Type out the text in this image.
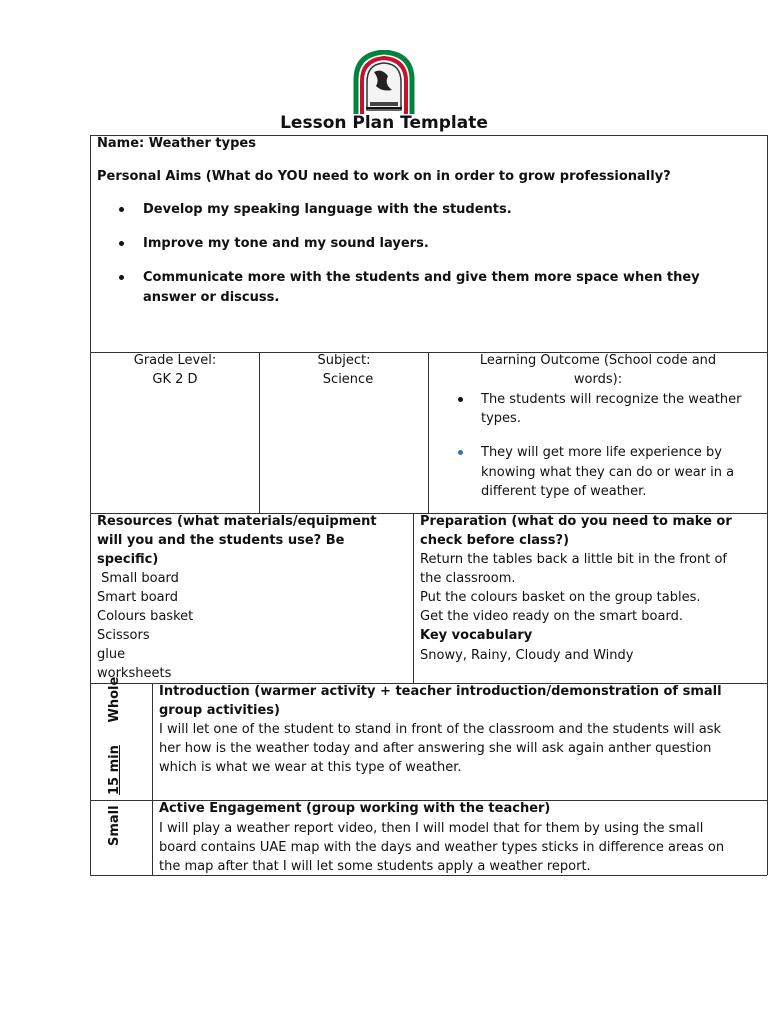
Lesson Plan Template
Name: Weather types
Personal Aims (What do YOU need to work on in order to grow professionally?
Develop my speaking language with the students.
Improve my tone and my sound layers.
Communicate more with the students and give them more space when they
answer or discuss.
Grade Level:
GK 2 D
Subject:
Science
Learning Outcome (School code and
words):
The students will recognize the weather
types.
They will get more life experience by
knowing what they can do or wear in a
different type of weather.
Resources (what materials/equipment
will you and the students use? Be
specific)
Small board
Smart board
Colours basket
Scissors
glue
worksheets
Preparation (what do you need to make or
check before class?)
Return the tables back a little bit in the front of
the classroom.
Put the colours basket on the group tables.
Get the video ready on the smart board.
Key vocabulary
Snowy, Rainy, Cloudy and Windy
15 min     Whole	Introduction (warmer activity + teacher introduction/demonstration of small
group activities)
I will let one of the student to stand in front of the classroom and the students will ask
her how is the weather today and after answering she will ask again anther question
which is what we wear at this type of weather.
Small	Active Engagement (group working with the teacher)
I will play a weather report video, then I will model that for them by using the small
board contains UAE map with the days and weather types sticks in difference areas on
the map after that I will let some students apply a weather report.
